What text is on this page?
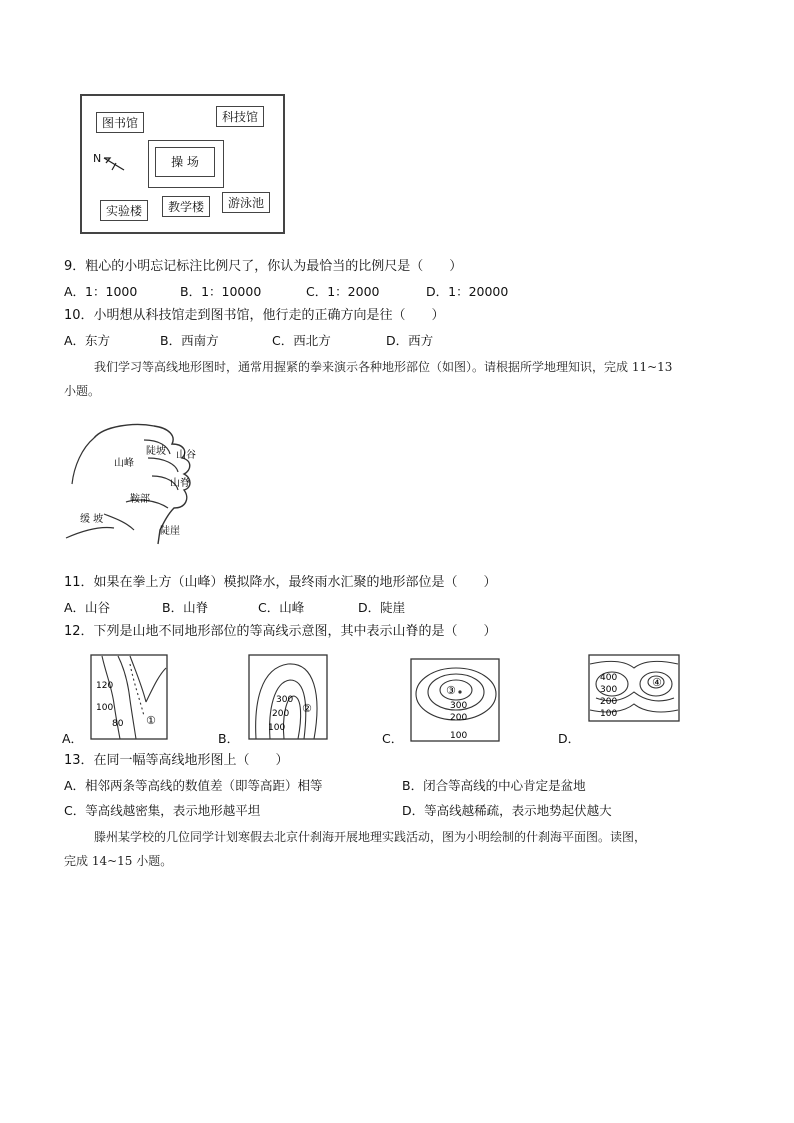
图书馆	科技馆
N	操 场
实验楼	教学楼	游泳池
9．粗心的小明忘记标注比例尺了，你认为最恰当的比例尺是（　　）
A．1：1000	B．1：10000	C．1：2000	D．1：20000
10．小明想从科技馆走到图书馆，他行走的正确方向是往（　　）
A．东方	B．西南方	C．西北方	D．西方
我们学习等高线地形图时，通常用握紧的拳来演示各种地形部位（如图）。请根据所学地理知识，完成 11~13
小题。
山峰
陡坡 山谷
山脊
鞍部
缓 坡
陡崖
11．如果在拳上方（山峰）模拟降水，最终雨水汇聚的地形部位是（　　）
A．山谷	B．山脊	C．山峰	D．陡崖
12．下列是山地不同地形部位的等高线示意图，其中表示山脊的是（　　）
120
100
80 ①
A．
300
200
100
②
B．
③
300
200
100
C．
400
300
200
100
④
D．
13．在同一幅等高线地形图上（　　）
A．相邻两条等高线的数值差（即等高距）相等	B．闭合等高线的中心肯定是盆地
C．等高线越密集，表示地形越平坦	D．等高线越稀疏，表示地势起伏越大
滕州某学校的几位同学计划寒假去北京什刹海开展地理实践活动，图为小明绘制的什刹海平面图。读图，
完成 14~15 小题。
